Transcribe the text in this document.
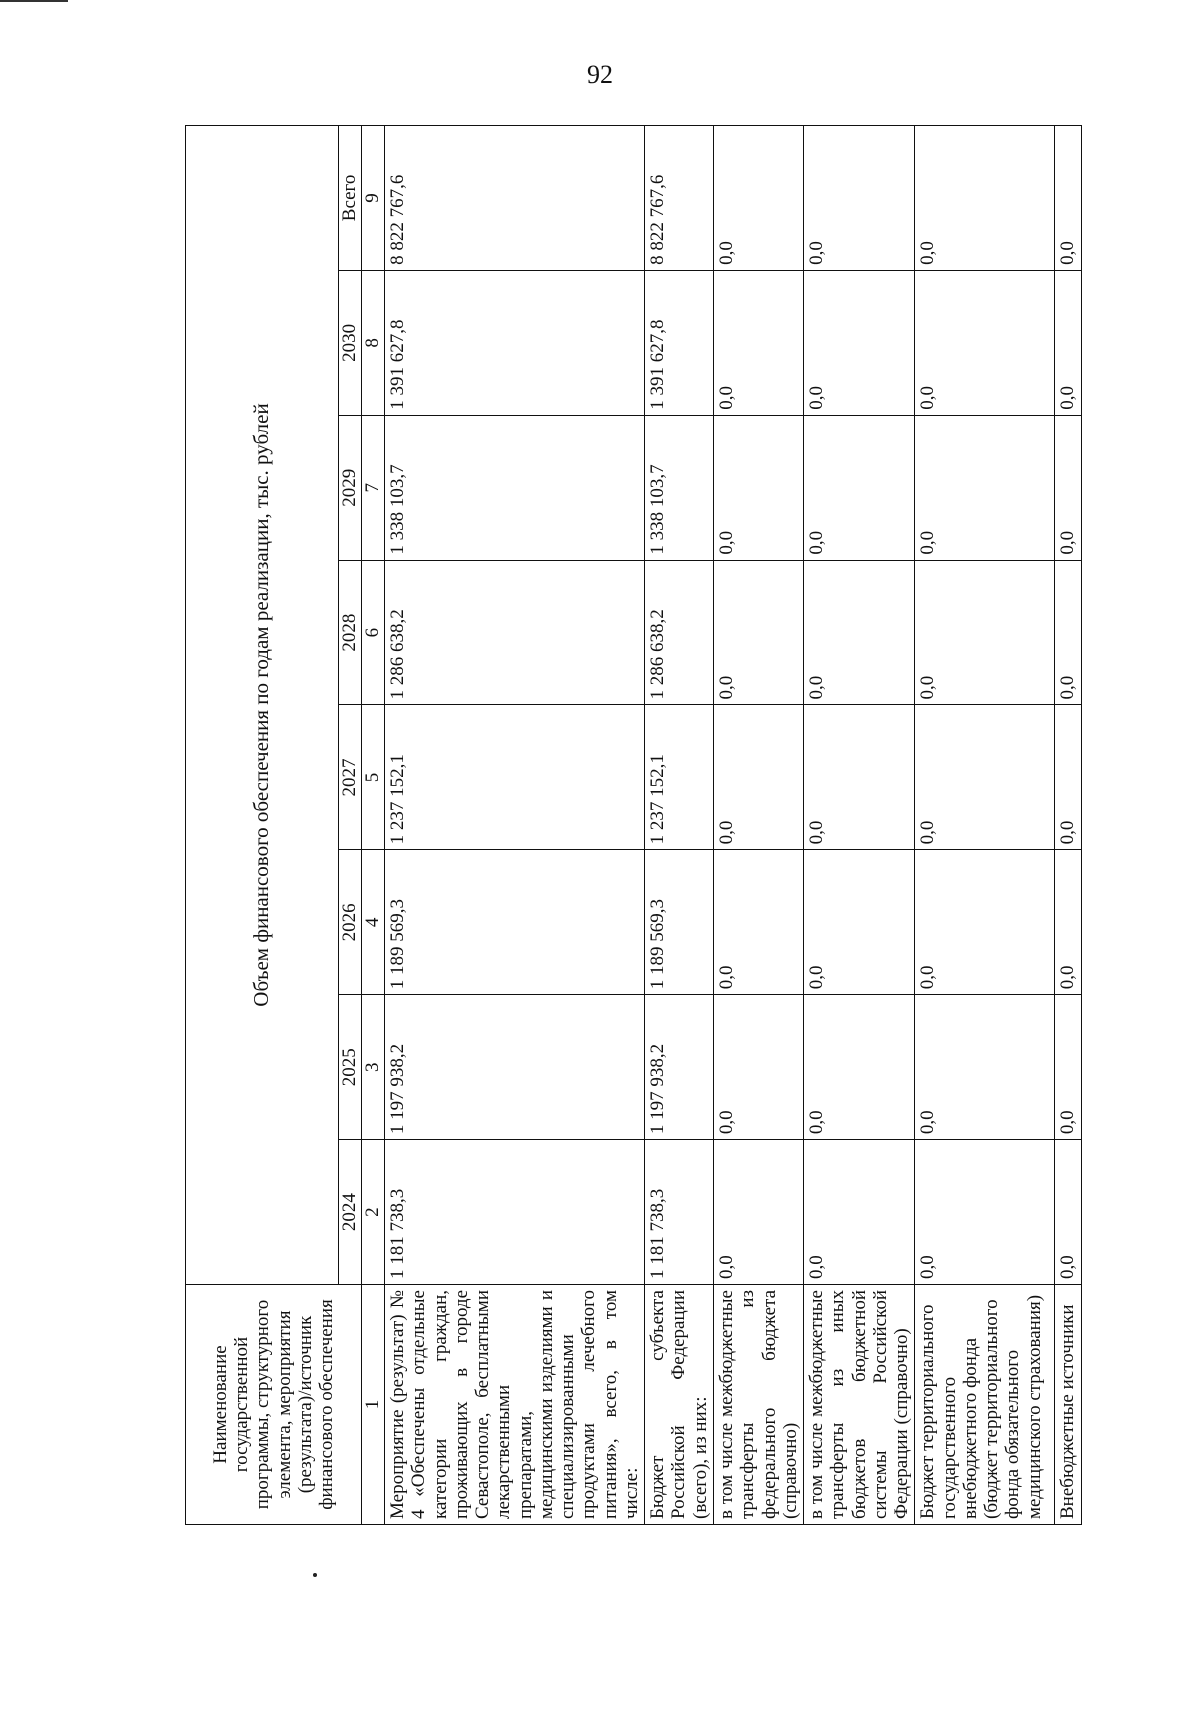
92
Наименование государственной программы, структурного элемента, мероприятия (результата)/источник финансового обеспечения	Объем финансового обеспечения по годам реализации, тыс. рублей							
	2024	2025	2026	2027	2028	2029	2030	Всего
1	2	3	4	5	6	7	8	9
Мероприятие (результат) № 4 «Обеспечены отдельные категории граждан, проживающих в городе Севастополе, бесплатными лекарственными препаратами, медицинскими изделиями и специализированными продуктами лечебного питания», всего, в том числе:	1 181 738,3	1 197 938,2	1 189 569,3	1 237 152,1	1 286 638,2	1 338 103,7	1 391 627,8	8 822 767,6
Бюджет субъекта Российской Федерации (всего), из них:	1 181 738,3	1 197 938,2	1 189 569,3	1 237 152,1	1 286 638,2	1 338 103,7	1 391 627,8	8 822 767,6
в том числе межбюджетные трансферты из федерального бюджета (справочно)	0,0	0,0	0,0	0,0	0,0	0,0	0,0	0,0
в том числе межбюджетные трансферты из иных бюджетов бюджетной системы Российской Федерации (справочно)	0,0	0,0	0,0	0,0	0,0	0,0	0,0	0,0
Бюджет территориального государственного внебюджетного фонда (бюджет территориального фонда обязательного медицинского страхования)	0,0	0,0	0,0	0,0	0,0	0,0	0,0	0,0
Внебюджетные источники	0,0	0,0	0,0	0,0	0,0	0,0	0,0	0,0
